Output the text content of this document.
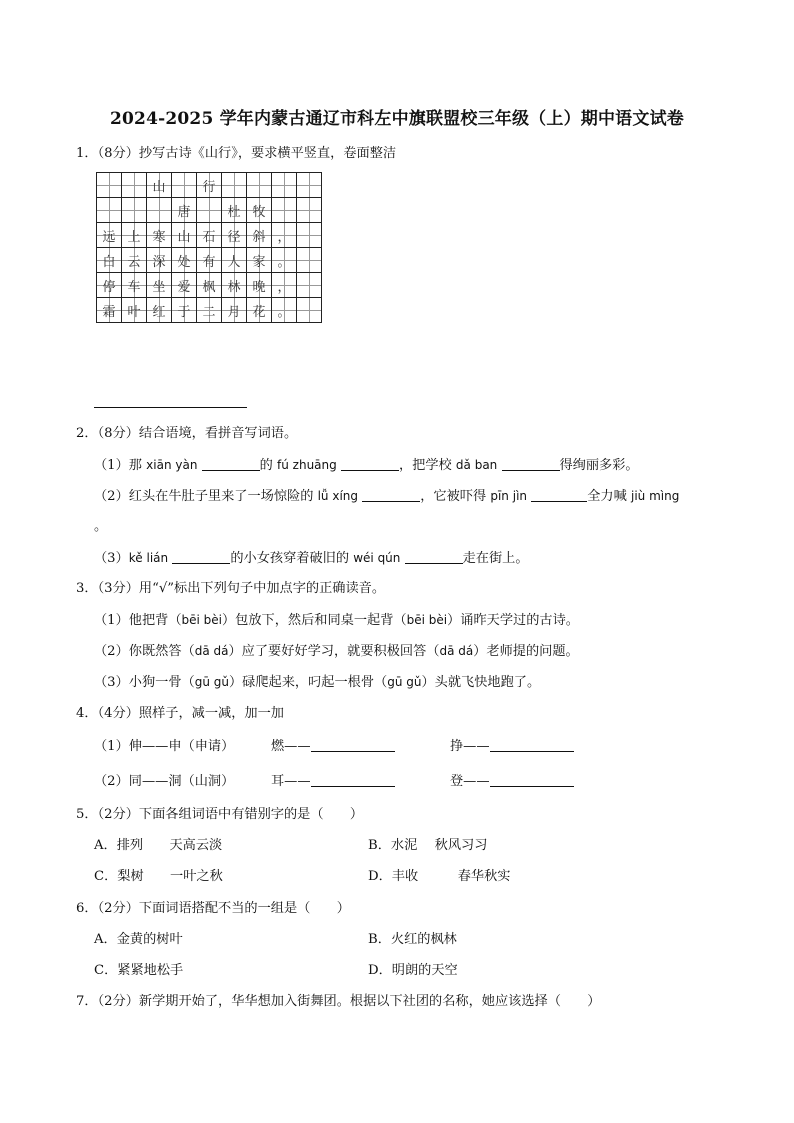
2024-2025 学年内蒙古通辽市科左中旗联盟校三年级（上）期中语文试卷
1．（8分）抄写古诗《山行》，要求横平竖直，卷面整洁
		山		行				
			唐		杜	牧		
远	上	寒	山	石	径	斜	，	
白	云	深	处	有	人	家	。	
停	车	坐	爱	枫	林	晚	，	
霜	叶	红	于	二	月	花	。	
2．（8分）结合语境，看拼音写词语。
（1）那 xiān yàn	的 fú zhuāng	，把学校 dǎ ban	得绚丽多彩。
（2）红头在牛肚子里来了一场惊险的 lǚ xíng	，它被吓得 pīn jìn	全力喊 jiù mìng
。
（3）kě lián	的小女孩穿着破旧的 wéi qún	走在街上。
3．（3分）用“√”标出下列句子中加点字的正确读音。
（1）他把背（bēi bèi）包放下，然后和同桌一起背（bēi bèi）诵昨天学过的古诗。
（2）你既然答（dā dá）应了要好好学习，就要积极回答（dā dá）老师提的问题。
（3）小狗一骨（gū gǔ）碌爬起来，叼起一根骨（gū gǔ）头就飞快地跑了。
4．（4分）照样子，减一减，加一加
（1）伸——申（申请）	燃——	挣——
（2）同——洞（山洞）	耳——	登——
5．（2分）下面各组词语中有错别字的是（　　）
A．排列　　天高云淡	B．水泥　 秋风习习
C．梨树　　一叶之秋	D．丰收　　　春华秋实
6．（2分）下面词语搭配不当的一组是（　　）
A．金黄的树叶	B．火红的枫林
C．紧紧地松手	D．明朗的天空
7．（2分）新学期开始了，华华想加入街舞团。根据以下社团的名称，她应该选择（　　）
